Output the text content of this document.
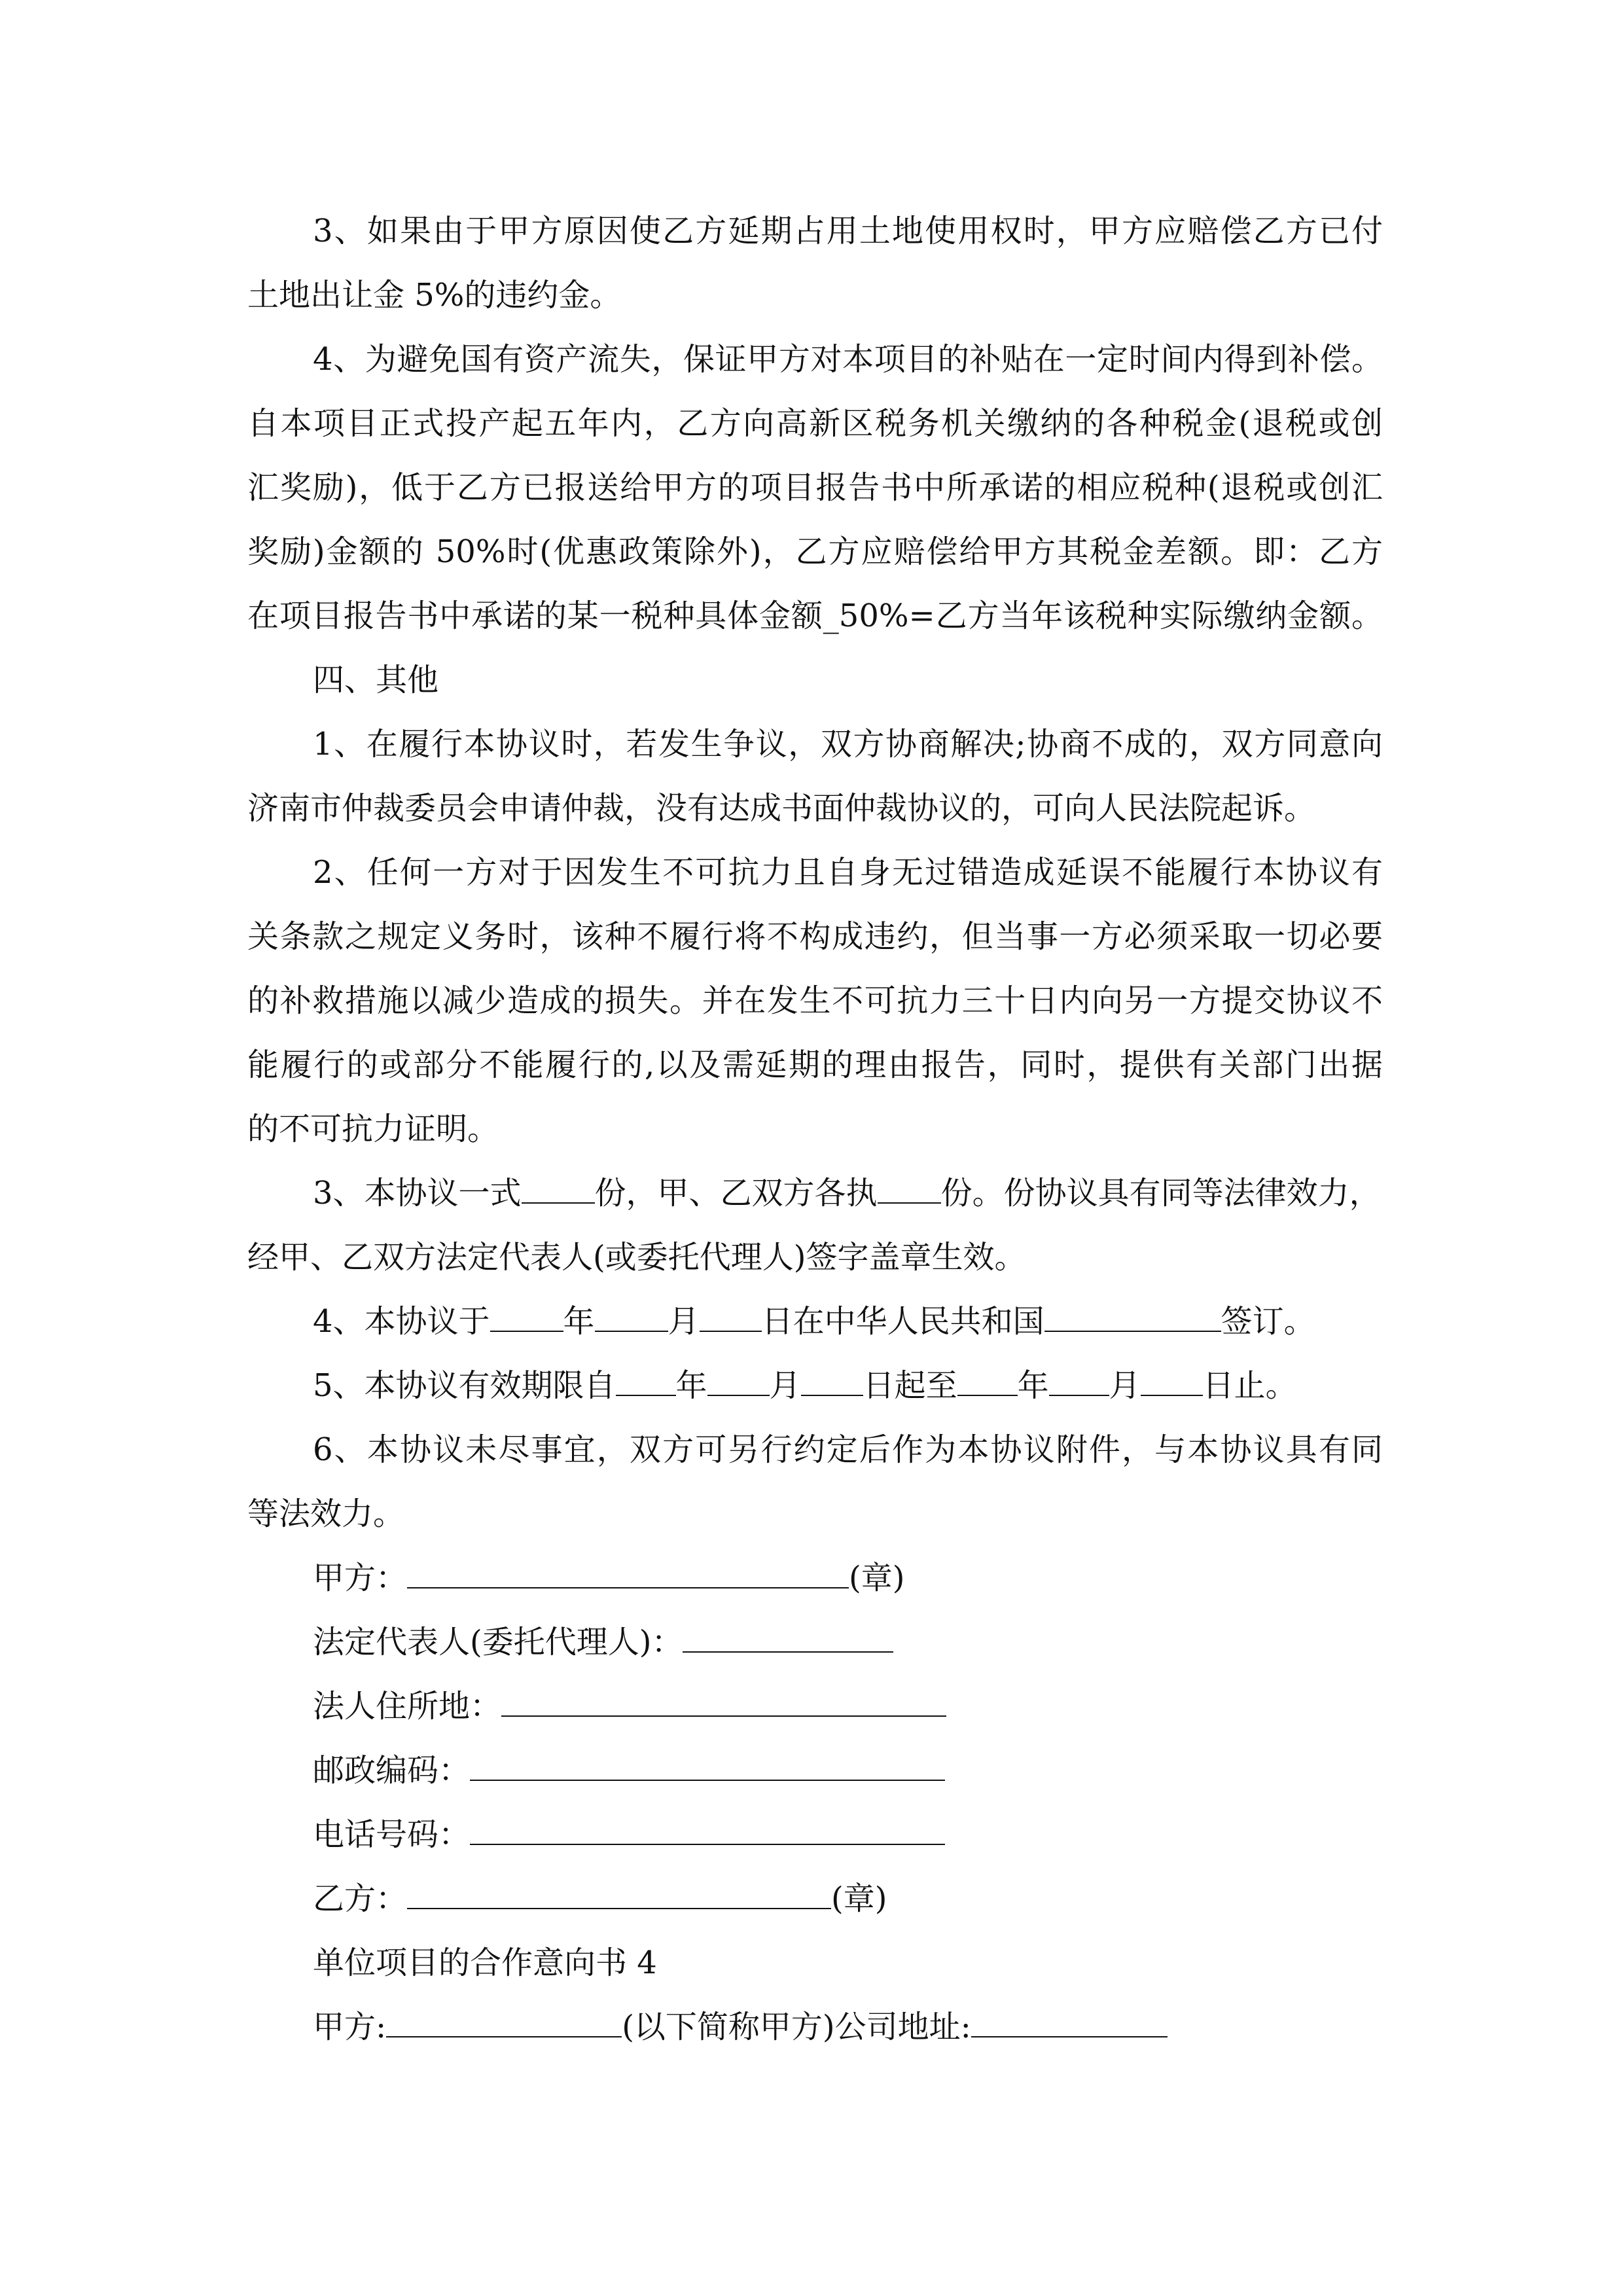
3、如果由于甲方原因使乙方延期占用土地使用权时，甲方应赔偿乙方已付
土地出让金 5%的违约金。
4、为避免国有资产流失，保证甲方对本项目的补贴在一定时间内得到补偿。
自本项目正式投产起五年内，乙方向高新区税务机关缴纳的各种税金(退税或创
汇奖励)，低于乙方已报送给甲方的项目报告书中所承诺的相应税种(退税或创汇
奖励)金额的 50%时(优惠政策除外)，乙方应赔偿给甲方其税金差额。即：乙方
在项目报告书中承诺的某一税种具体金额_50%=乙方当年该税种实际缴纳金额。
四、其他
1、在履行本协议时，若发生争议，双方协商解决;协商不成的，双方同意向
济南市仲裁委员会申请仲裁，没有达成书面仲裁协议的，可向人民法院起诉。
2、任何一方对于因发生不可抗力且自身无过错造成延误不能履行本协议有
关条款之规定义务时，该种不履行将不构成违约，但当事一方必须采取一切必要
的补救措施以减少造成的损失。并在发生不可抗力三十日内向另一方提交协议不
能履行的或部分不能履行的,以及需延期的理由报告，同时，提供有关部门出据
的不可抗力证明。
3、本协议一式 份，甲、乙双方各执 份。份协议具有同等法律效力，
经甲、乙双方法定代表人(或委托代理人)签字盖章生效。
4、本协议于 年 月 日在中华人民共和国	签订。
5、本协议有效期限自 年 月 日起至 年 月 日止。
6、本协议未尽事宜，双方可另行约定后作为本协议附件，与本协议具有同
等法效力。
甲方：	(章)
法定代表人(委托代理人)：
法人住所地：
邮政编码：
电话号码：
乙方：	(章)
单位项目的合作意向书 4
甲方:	(以下简称甲方)公司地址:
